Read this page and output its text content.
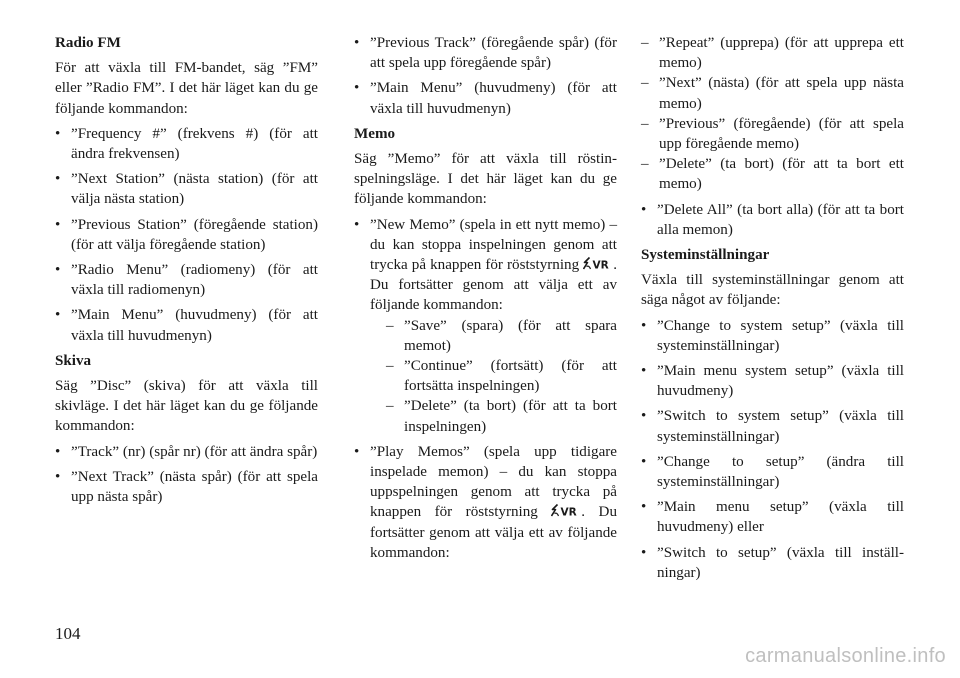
Radio FM
För att växla till FM-bandet, säg ”FM” eller ”Radio FM”. I det här läget kan du ge följande kommandon:
• ”Frequency #” (frekvens #) (för att ändra frekvensen)
• ”Next Station” (nästa station) (för att välja nästa station)
• ”Previous Station” (föregående station) (för att välja föregående station)
• ”Radio Menu” (radiomeny) (för att växla till radiomenyn)
• ”Main Menu” (huvudmeny) (för att växla till huvudmenyn)
Skiva
Säg ”Disc” (skiva) för att växla till skivläge. I det här läget kan du ge följande kommandon:
• ”Track” (nr) (spår nr) (för att ändra spår)
• ”Next Track” (nästa spår) (för att spela upp nästa spår)
• ”Previous Track” (föregående spår) (för att spela upp föregående spår)
• ”Main Menu” (huvudmeny) (för att växla till huvudmenyn)
Memo
Säg ”Memo” för att växla till röstinspelningsläge. I det här läget kan du ge följande kommandon:
• ”New Memo” (spela in ett nytt memo) – du kan stoppa inspelningen genom att trycka på knappen för röststyrning VR . Du fortsätter genom att välja ett av följande kommandon:
– ”Save” (spara) (för att spara memot)
– ”Continue” (fortsätt) (för att fortsätta inspelningen)
– ”Delete” (ta bort) (för att ta bort inspelningen)
• ”Play Memos” (spela upp tidigare inspelade memon) – du kan stoppa uppspelningen genom att trycka på knappen för röststyrning VR . Du fortsätter genom att välja ett av följande kommandon:
– ”Repeat” (upprepa) (för att upprepa ett memo)
– ”Next” (nästa) (för att spela upp nästa memo)
– ”Previous” (föregående) (för att spela upp föregående memo)
– ”Delete” (ta bort) (för att ta bort ett memo)
• ”Delete All” (ta bort alla) (för att ta bort alla memon)
Systeminställningar
Växla till systeminställningar genom att säga något av följande:
• ”Change to system setup” (växla till systeminställningar)
• ”Main menu system setup” (växla till huvudmeny)
• ”Switch to system setup” (växla till systeminställningar)
• ”Change to setup” (ändra till systeminställningar)
• ”Main menu setup” (växla till huvudmeny) eller
• ”Switch to setup” (växla till inställningar)
104
carmanualsonline.info
